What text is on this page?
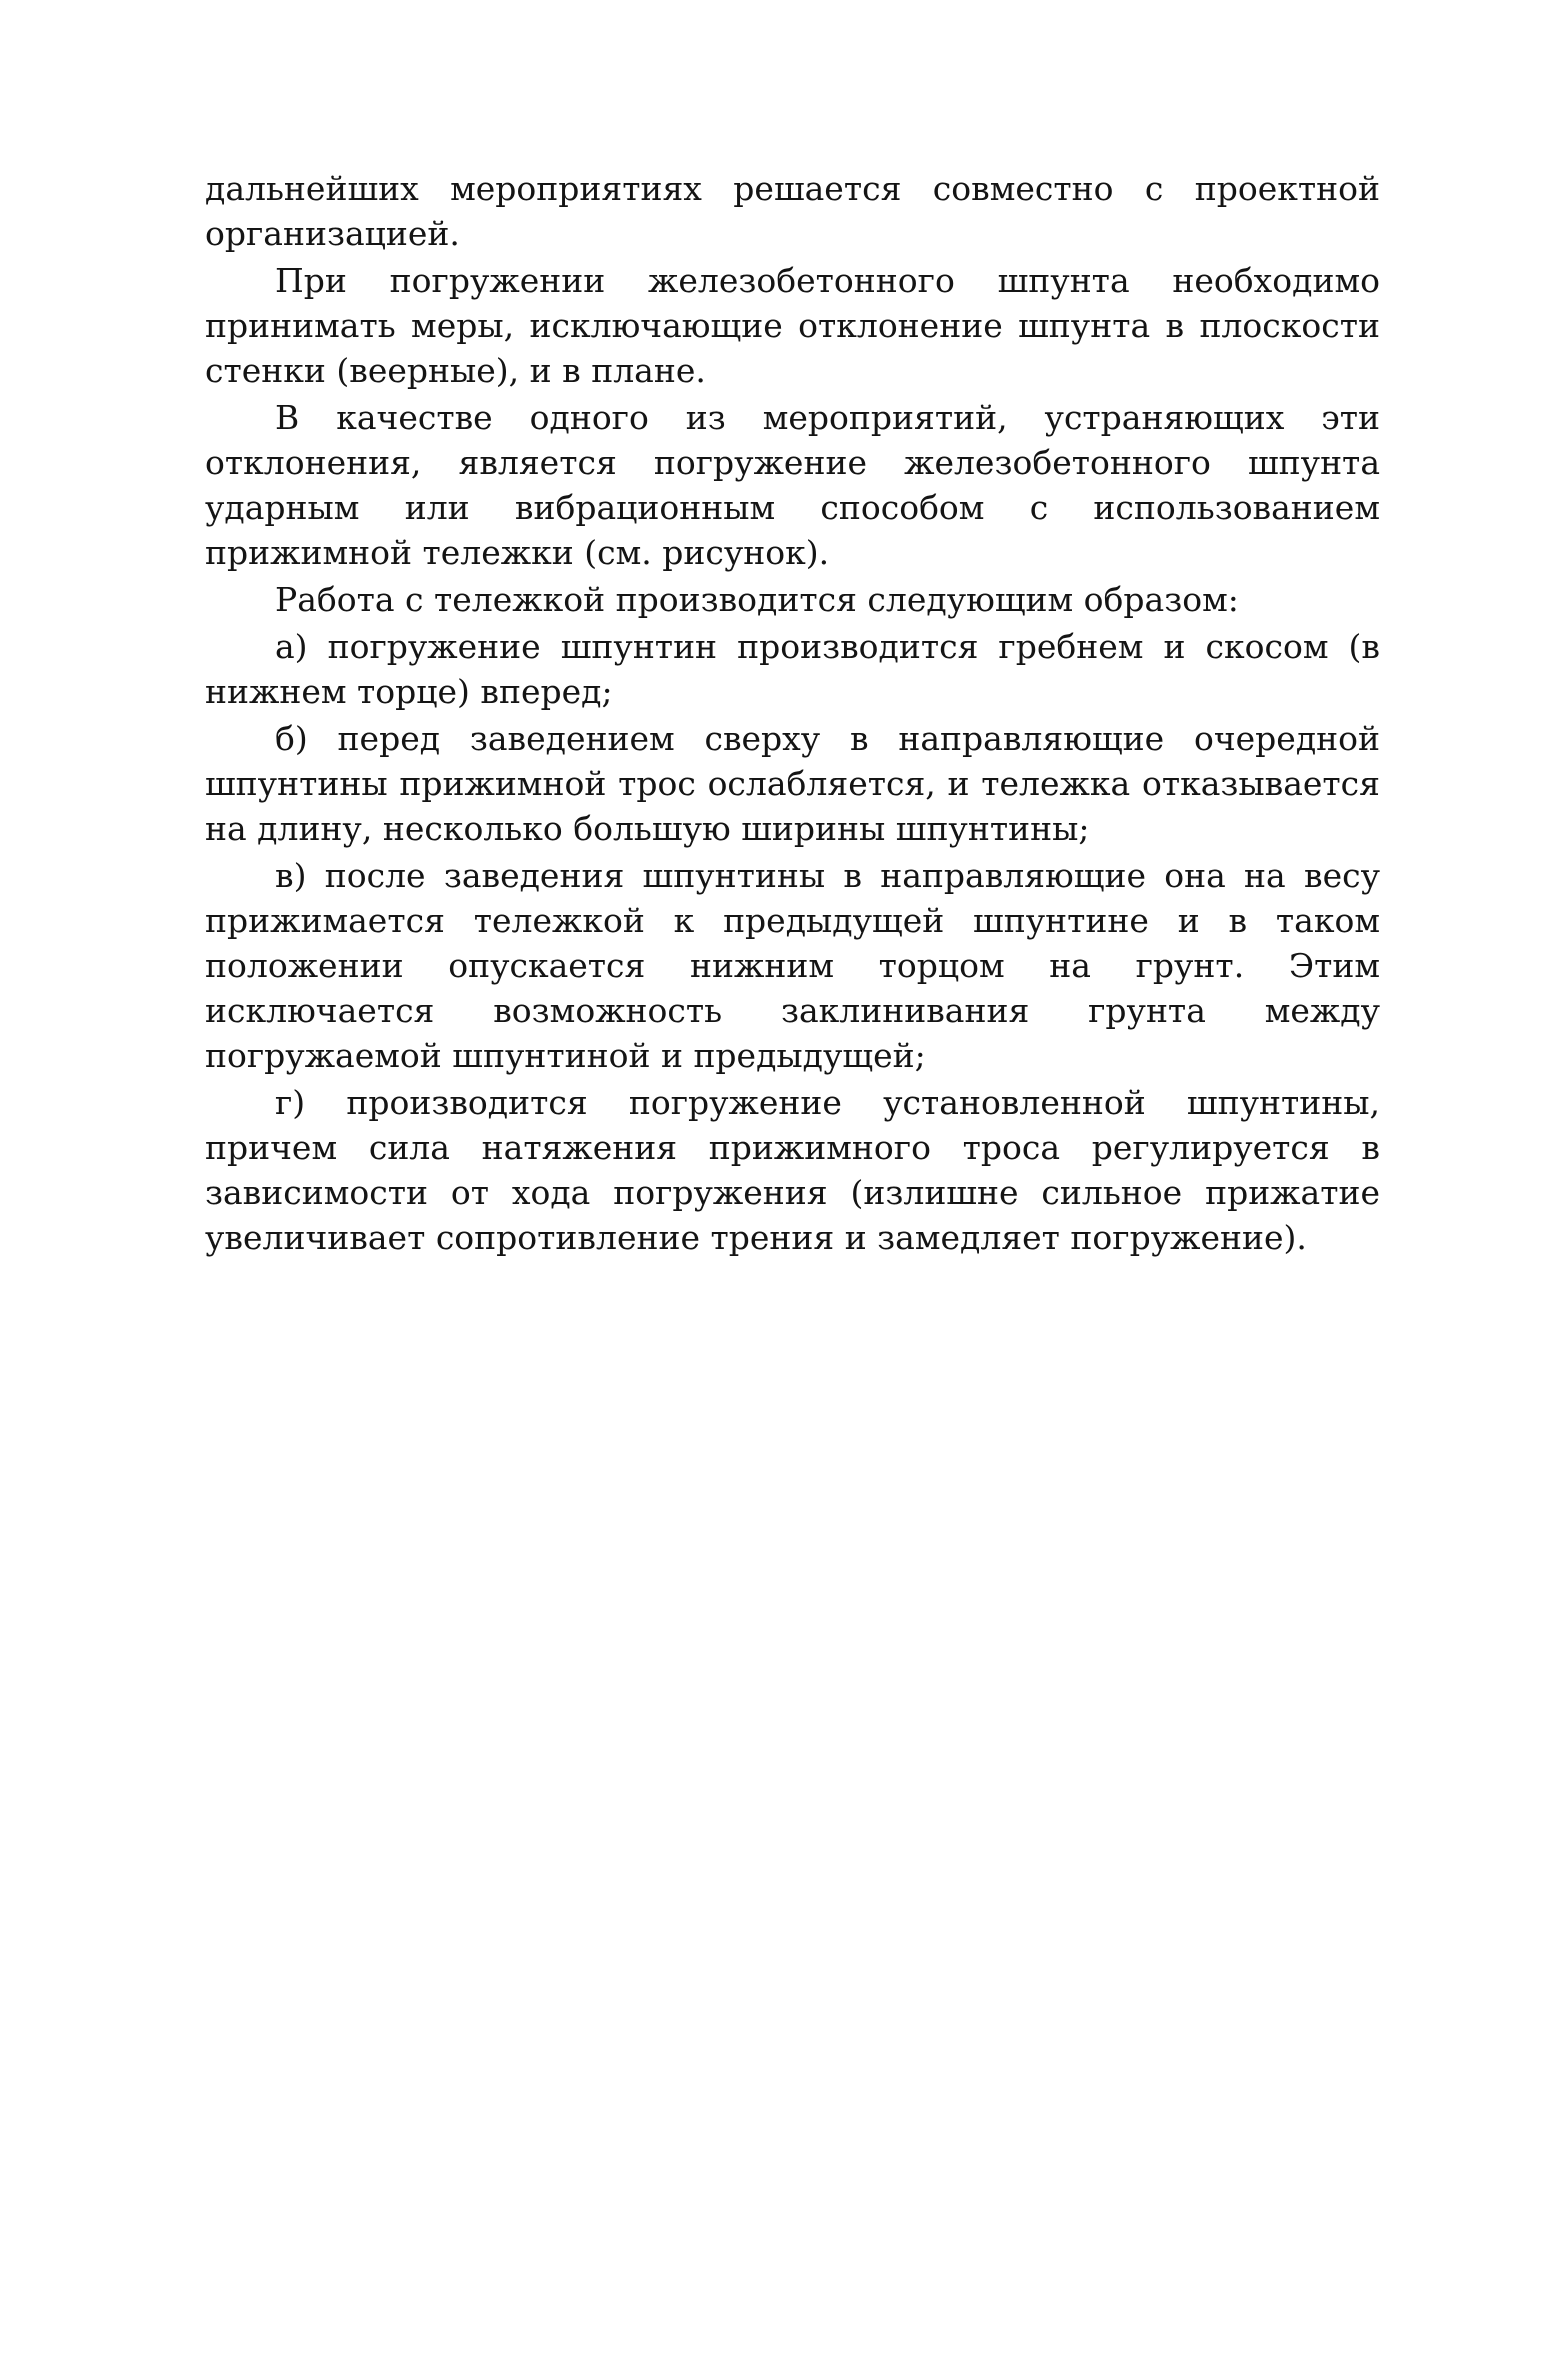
дальнейших мероприятиях решается совместно с проектной организацией.

При погружении железобетонного шпунта необходимо принимать меры, исключающие отклонение шпунта в плоскости стенки (веерные), и в плане.

В качестве одного из мероприятий, устраняющих эти отклонения, является погружение железобетонного шпунта ударным или вибрационным способом с использованием прижимной тележки (см. рисунок).

Работа с тележкой производится следующим образом:

а) погружение шпунтин производится гребнем и скосом (в нижнем торце) вперед;

б) перед заведением сверху в направляющие очередной шпунтины прижимной трос ослабляется, и тележка отказывается на длину, несколько большую ширины шпунтины;

в) после заведения шпунтины в направляющие она на весу прижимается тележкой к предыдущей шпунтине и в таком положении опускается нижним торцом на грунт. Этим исключается возможность заклинивания грунта между погружаемой шпунтиной и предыдущей;

г) производится погружение установленной шпунтины, причем сила натяжения прижимного троса регулируется в зависимости от хода погружения (излишне сильное прижатие увеличивает сопротивление трения и замедляет погружение).
